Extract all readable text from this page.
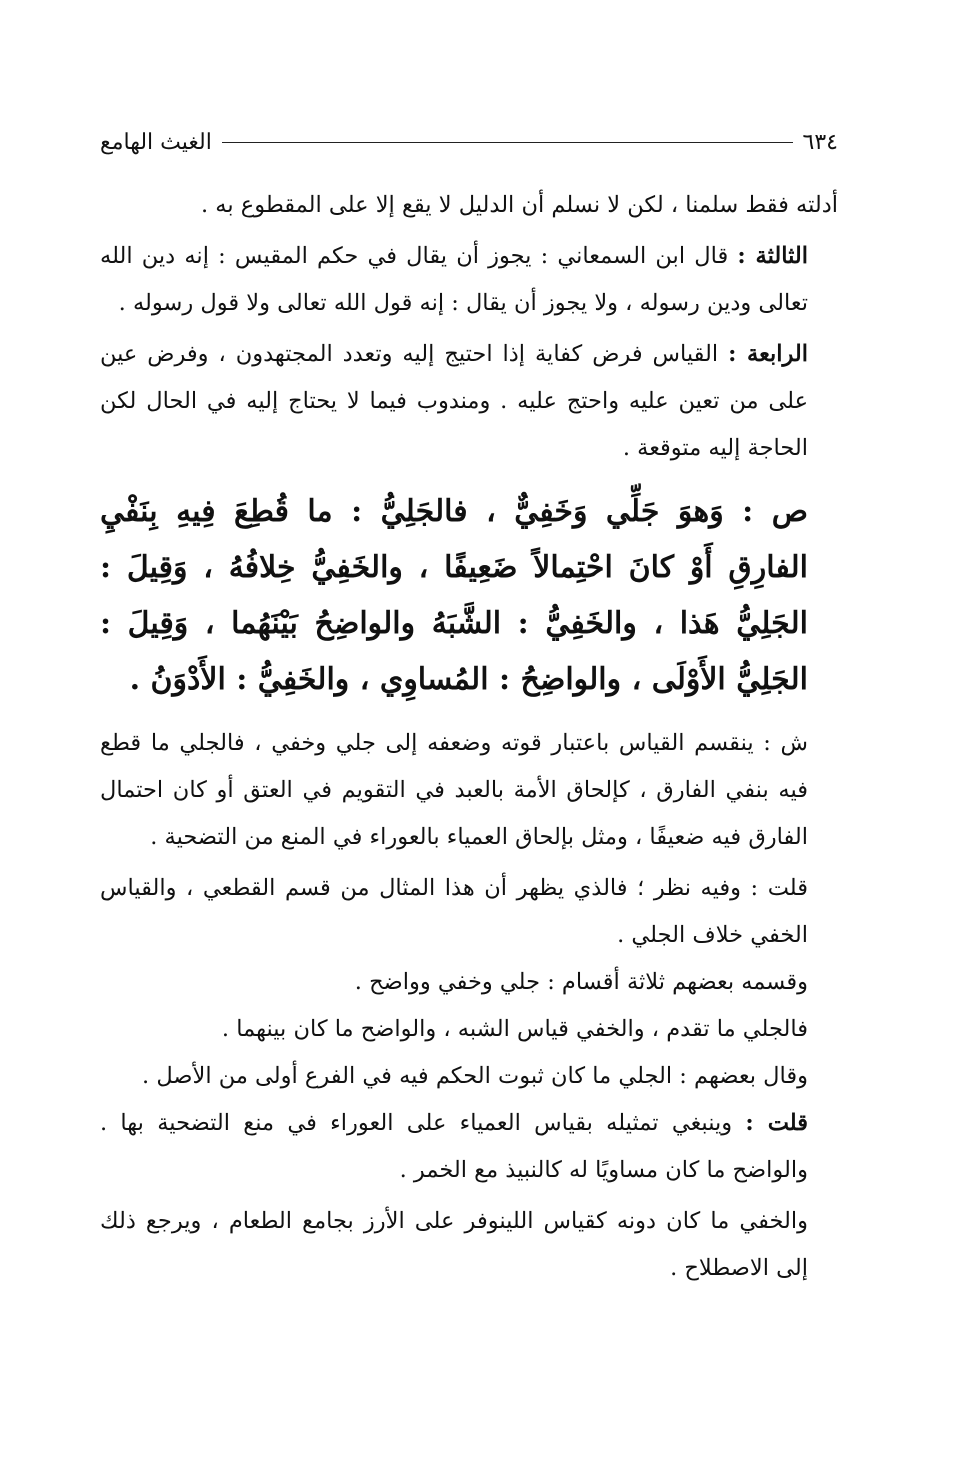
٦٣٤
الغيث الهامع

أدلته فقط سلمنا ، لكن لا نسلم أن الدليل لا يقع إلا على المقطوع به .

الثالثة : قال ابن السمعاني : يجوز أن يقال في حكم المقيس : إنه دين الله تعالى ودين رسوله ، ولا يجوز أن يقال : إنه قول الله تعالى ولا قول رسوله .

الرابعة : القياس فرض كفاية إذا احتيج إليه وتعدد المجتهدون ، وفرض عين على من تعين عليه واحتج عليه . ومندوب فيما لا يحتاج إليه في الحال لكن الحاجة إليه متوقعة .

ص : وَهوَ جَلِّي وَخَفِيٌّ ، فالجَلِيُّ : ما قُطِعَ فِيهِ بِنَفْيِ الفارِقِ أَوْ كانَ احْتِمالاً ضَعِيفًا ، والخَفِيُّ خِلافُهُ ، وَقِيلَ : الجَلِيُّ هَذا ، والخَفِيُّ : الشَّبَهُ والواضِحُ بَيْنَهُما ، وَقِيلَ : الجَلِيُّ الأَوْلَى ، والواضِحُ : المُساوِي ، والخَفِيُّ : الأَدْوَنُ .

ش : ينقسم القياس باعتبار قوته وضعفه إلى جلي وخفي ، فالجلي ما قطع فيه بنفي الفارق ، كإلحاق الأمة بالعبد في التقويم في العتق أو كان احتمال الفارق فيه ضعيفًا ، ومثل بإلحاق العمياء بالعوراء في المنع من التضحية .

قلت : وفيه نظر ؛ فالذي يظهر أن هذا المثال من قسم القطعي ، والقياس الخفي خلاف الجلي .

وقسمه بعضهم ثلاثة أقسام : جلي وخفي وواضح .

فالجلي ما تقدم ، والخفي قياس الشبه ، والواضح ما كان بينهما .

وقال بعضهم : الجلي ما كان ثبوت الحكم فيه في الفرع أولى من الأصل .

قلت : وينبغي تمثيله بقياس العمياء على العوراء في منع التضحية بها . والواضح ما كان مساويًا له كالنبيذ مع الخمر .

والخفي ما كان دونه كقياس اللينوفر على الأرز بجامع الطعام ، ويرجع ذلك إلى الاصطلاح .
